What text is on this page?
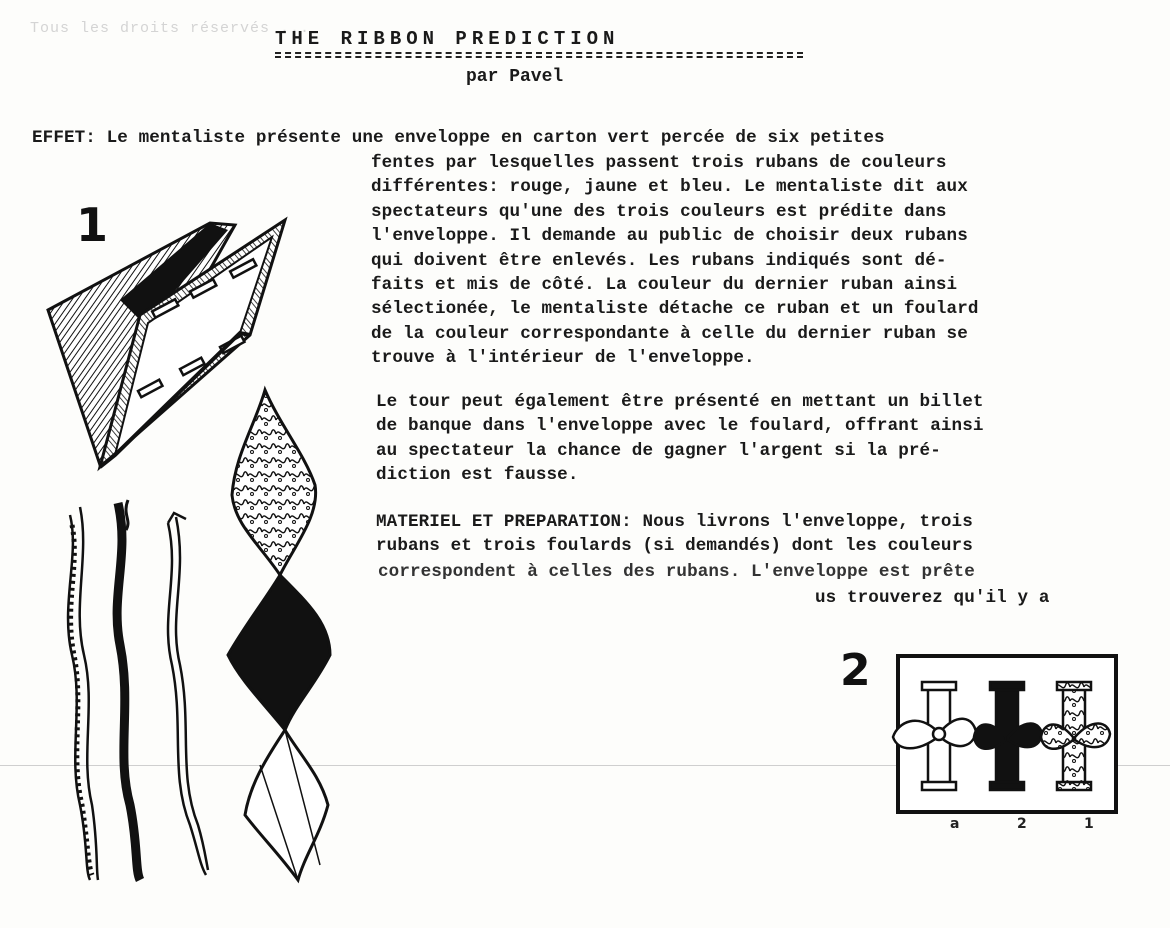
Tous les droits réservés ...
THE RIBBON PREDICTION
par Pavel
EFFET: Le mentaliste présente une enveloppe en carton vert percée de six petites
fentes par lesquelles passent trois rubans de couleurs
différentes: rouge, jaune et bleu. Le mentaliste dit aux
spectateurs qu'une des trois couleurs est prédite dans
l'enveloppe. Il demande au public de choisir deux rubans
qui doivent être enlevés. Les rubans indiqués sont dé-
faits et mis de côté. La couleur du dernier ruban ainsi
sélectionée, le mentaliste détache ce ruban et un foulard
de la couleur correspondante à celle du dernier ruban se
trouve à l'intérieur de l'enveloppe.
Le tour peut également être présenté en mettant un billet
de banque dans l'enveloppe avec le foulard, offrant ainsi
au spectateur la chance de gagner l'argent si la pré-
diction est fausse.
MATERIEL ET PREPARATION: Nous livrons l'enveloppe, trois
rubans et trois foulards (si demandés) dont les couleurs
correspondent à celles des rubans. L'enveloppe est prête
us trouverez qu'il y a
1
2
a	2	1
